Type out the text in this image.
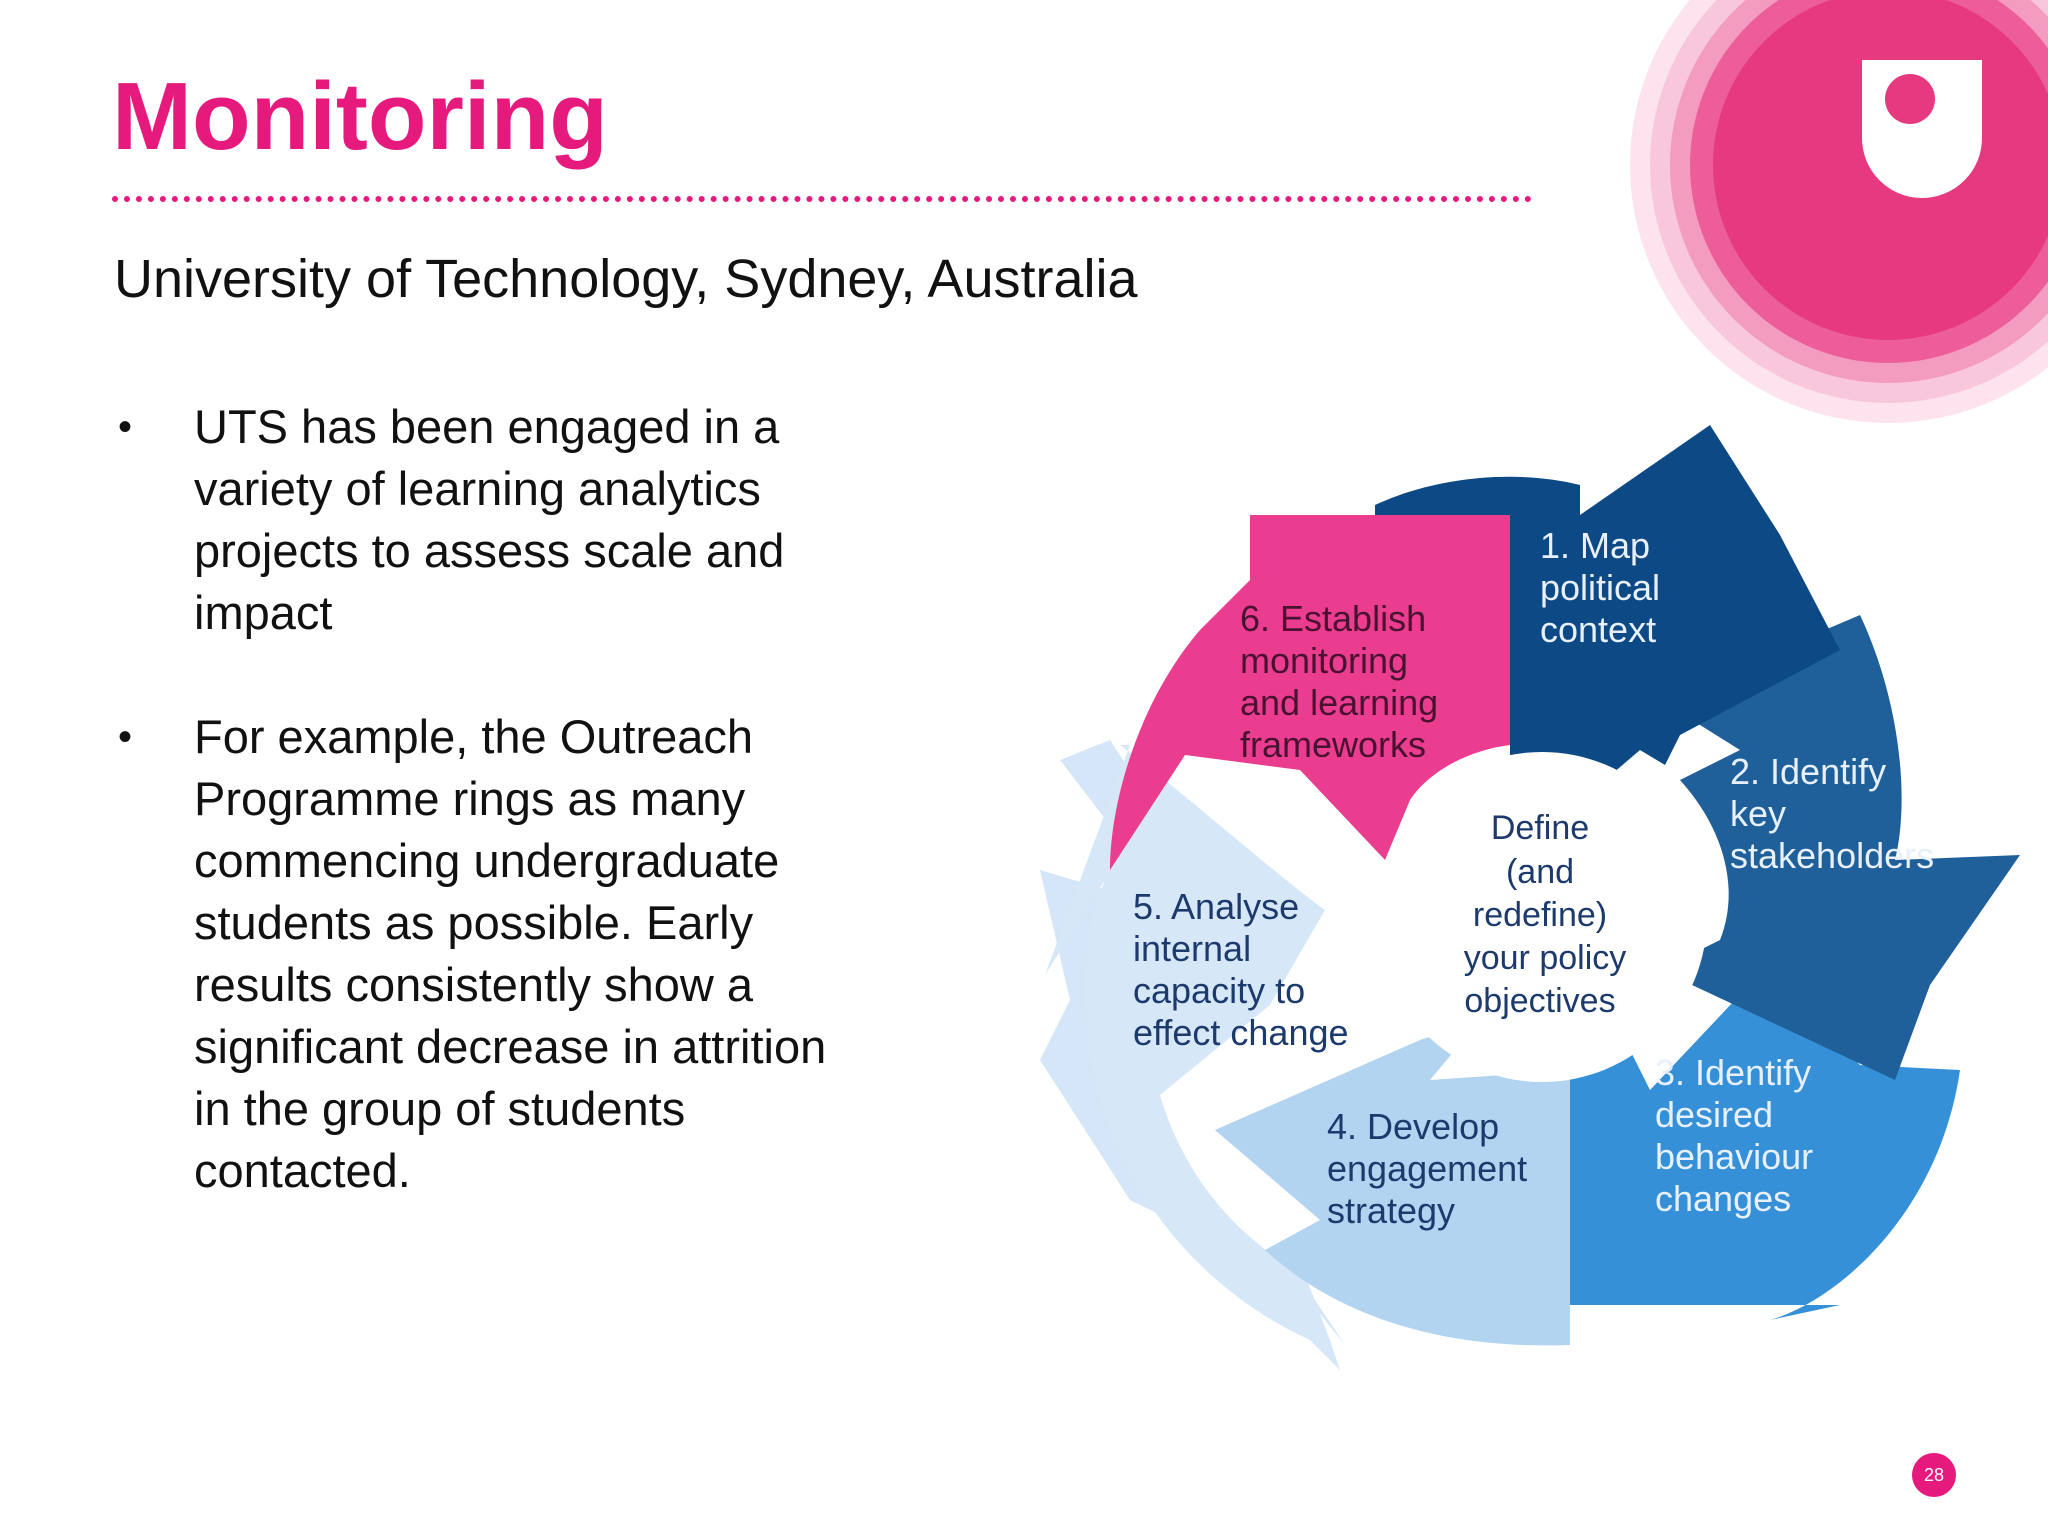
Monitoring
University of Technology, Sydney, Australia
• UTS has been engaged in a
variety of learning analytics
projects to assess scale and
impact
• For example, the Outreach
Programme rings as many
commencing undergraduate
students as possible. Early
results consistently show a
significant decrease in attrition
in the group of students
contacted.
Define
(and
redefine)
your policy
objectives
1. Map
political
context
2. Identify
key
stakeholders
3. Identify
desired
behaviour
changes
4. Develop
engagement
strategy
5. Analyse
internal
capacity to
effect change
6. Establish
monitoring
and learning
frameworks
28
